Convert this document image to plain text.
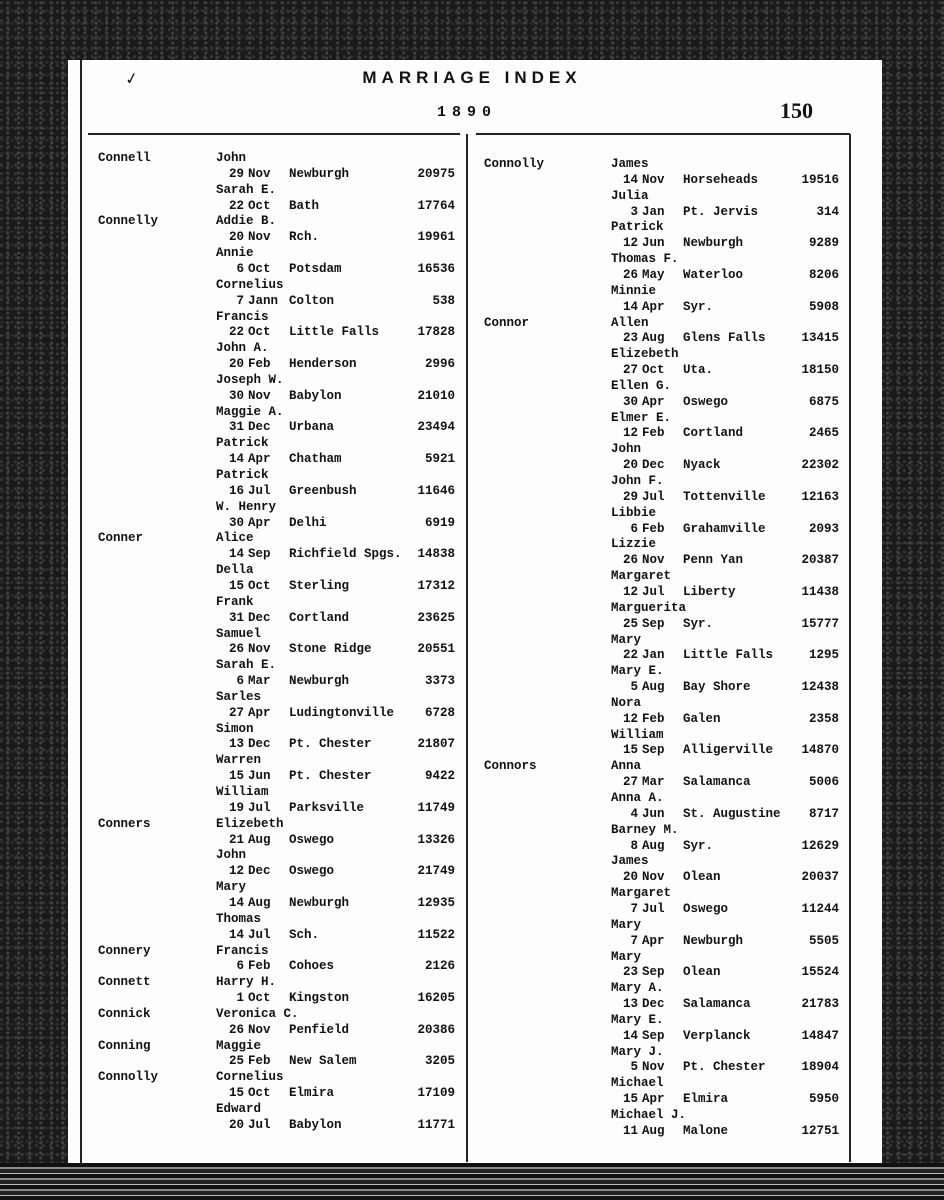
✓	MARRIAGE INDEX
1890	150
Connell	John
29 Nov Newburgh	20975
Sarah E.
22 Oct Bath	17764
Connelly	Addie B.
20 Nov Rch.	19961
Annie
6 Oct Potsdam	16536
Cornelius
7 Jann Colton	538
Francis
22 Oct Little Falls	17828
John A.
20 Feb Henderson	2996
Joseph W.
30 Nov Babylon	21010
Maggie A.
31 Dec Urbana	23494
Patrick
14 Apr Chatham	5921
Patrick
16 Jul Greenbush	11646
W. Henry
30 Apr Delhi	6919
Conner	Alice
14 Sep Richfield Spgs.	14838
Della
15 Oct Sterling	17312
Frank
31 Dec Cortland	23625
Samuel
26 Nov Stone Ridge	20551
Sarah E.
6 Mar Newburgh	3373
Sarles
27 Apr Ludingtonville	6728
Simon
13 Dec Pt. Chester	21807
Warren
15 Jun Pt. Chester	9422
William
19 Jul Parksville	11749
Conners	Elizebeth
21 Aug Oswego	13326
John
12 Dec Oswego	21749
Mary
14 Aug Newburgh	12935
Thomas
14 Jul Sch.	11522
Connery	Francis
6 Feb Cohoes	2126
Connett	Harry H.
1 Oct Kingston	16205
Connick	Veronica C.
26 Nov Penfield	20386
Conning	Maggie
25 Feb New Salem	3205
Connolly	Cornelius
15 Oct Elmira	17109
Edward
20 Jul Babylon	11771
Connolly	James
14 Nov Horseheads	19516
Julia
3 Jan Pt. Jervis	314
Patrick
12 Jun Newburgh	9289
Thomas F.
26 May Waterloo	8206
Minnie
14 Apr Syr.	5908
Connor	Allen
23 Aug Glens Falls	13415
Elizebeth
27 Oct Uta.	18150
Ellen G.
30 Apr Oswego	6875
Elmer E.
12 Feb Cortland	2465
John
20 Dec Nyack	22302
John F.
29 Jul Tottenville	12163
Libbie
6 Feb Grahamville	2093
Lizzie
26 Nov Penn Yan	20387
Margaret
12 Jul Liberty	11438
Marguerita
25 Sep Syr.	15777
Mary
22 Jan Little Falls	1295
Mary E.
5 Aug Bay Shore	12438
Nora
12 Feb Galen	2358
William
15 Sep Alligerville	14870
Connors	Anna
27 Mar Salamanca	5006
Anna A.
4 Jun St. Augustine	8717
Barney M.
8 Aug Syr.	12629
James
20 Nov Olean	20037
Margaret
7 Jul Oswego	11244
Mary
7 Apr Newburgh	5505
Mary
23 Sep Olean	15524
Mary A.
13 Dec Salamanca	21783
Mary E.
14 Sep Verplanck	14847
Mary J.
5 Nov Pt. Chester	18904
Michael
15 Apr Elmira	5950
Michael J.
11 Aug Malone	12751
